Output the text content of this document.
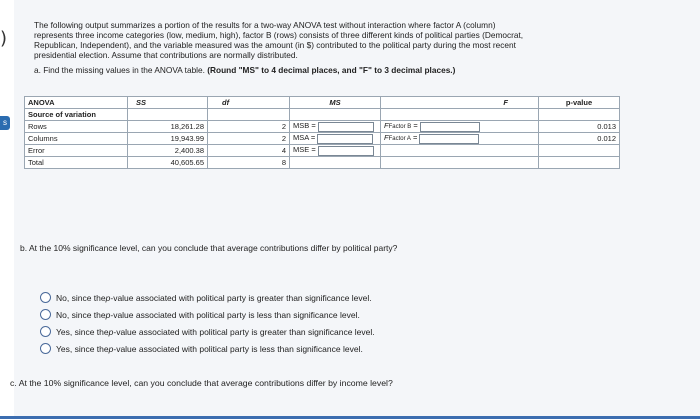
)
s
The following output summarizes a portion of the results for a two-way ANOVA test without interaction where factor A (column)
represents three income categories (low, medium, high), factor B (rows) consists of three different kinds of political parties (Democrat,
Republican, Independent), and the variable measured was the amount (in $) contributed to the political party during the most recent
presidential election. Assume that contributions are normally distributed.
a. Find the missing values in the ANOVA table. (Round "MS" to 4 decimal places, and "F" to 3 decimal places.)
ANOVA	SS	df	MS	F	p-value
Source of variation					
Rows	18,261.28	2	MSB =	FFactor B =	0.013
Columns	19,943.99	2	MSA =	FFactor A =	0.012
Error	2,400.38	4	MSE =		
Total	40,605.65	8			
b. At the 10% significance level, can you conclude that average contributions differ by political party?
No, since the p -value associated with political party is greater than significance level.
No, since the p -value associated with political party is less than significance level.
Yes, since the p -value associated with political party is greater than significance level.
Yes, since the p -value associated with political party is less than significance level.
c. At the 10% significance level, can you conclude that average contributions differ by income level?
